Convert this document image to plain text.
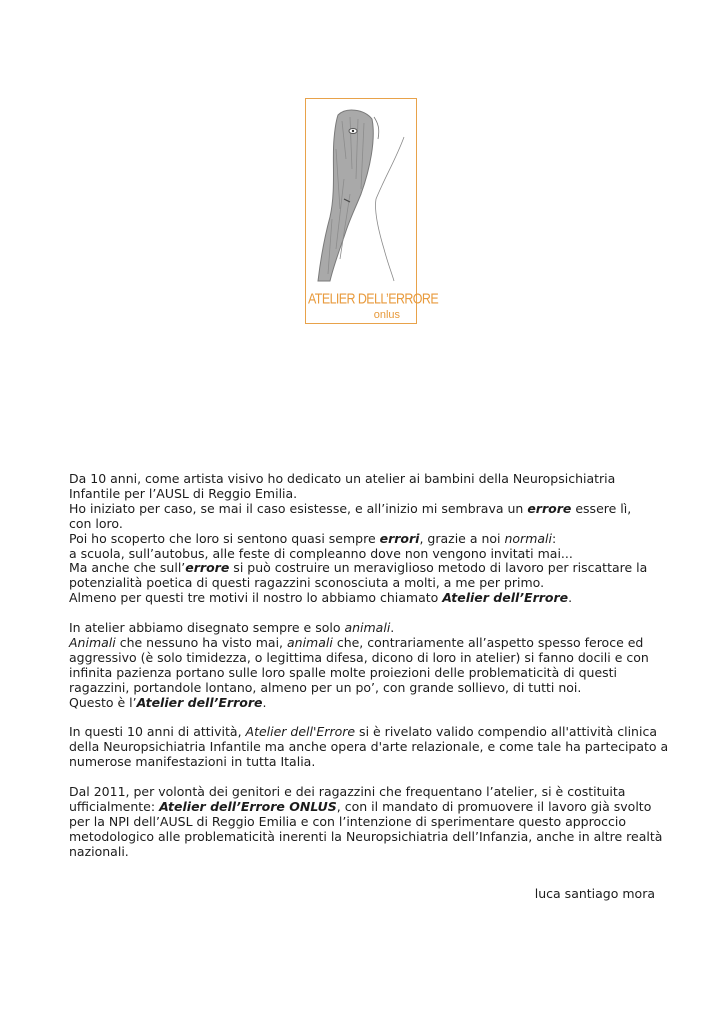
ATELIER DELL’ERRORE
onlus

Da 10 anni, come artista visivo ho dedicato un atelier ai bambini della Neuropsichiatria
Infantile per l’AUSL di Reggio Emilia.
Ho iniziato per caso, se mai il caso esistesse, e all’inizio mi sembrava un errore essere lì,
con loro.
Poi ho scoperto che loro si sentono quasi sempre errori, grazie a noi normali:
a scuola, sull’autobus, alle feste di compleanno dove non vengono invitati mai...
Ma anche che sull’errore si può costruire un meraviglioso metodo di lavoro per riscattare la
potenzialità poetica di questi ragazzini sconosciuta a molti, a me per primo.
Almeno per questi tre motivi il nostro lo abbiamo chiamato Atelier dell’Errore.

In atelier abbiamo disegnato sempre e solo animali.
Animali che nessuno ha visto mai, animali che, contrariamente all’aspetto spesso feroce ed
aggressivo (è solo timidezza, o legittima difesa, dicono di loro in atelier) si fanno docili e con
infinita pazienza portano sulle loro spalle molte proiezioni delle problematicità di questi
ragazzini, portandole lontano, almeno per un po’, con grande sollievo, di tutti noi.
Questo è l’Atelier dell’Errore.

In questi 10 anni di attività, Atelier dell'Errore si è rivelato valido compendio all'attività clinica
della Neuropsichiatria Infantile ma anche opera d'arte relazionale, e come tale ha partecipato a
numerose manifestazioni in tutta Italia.

Dal 2011, per volontà dei genitori e dei ragazzini che frequentano l’atelier, si è costituita
ufficialmente: Atelier dell’Errore ONLUS, con il mandato di promuovere il lavoro già svolto
per la NPI dell’AUSL di Reggio Emilia e con l’intenzione di sperimentare questo approccio
metodologico alle problematicità inerenti la Neuropsichiatria dell’Infanzia, anche in altre realtà
nazionali.

luca santiago mora
